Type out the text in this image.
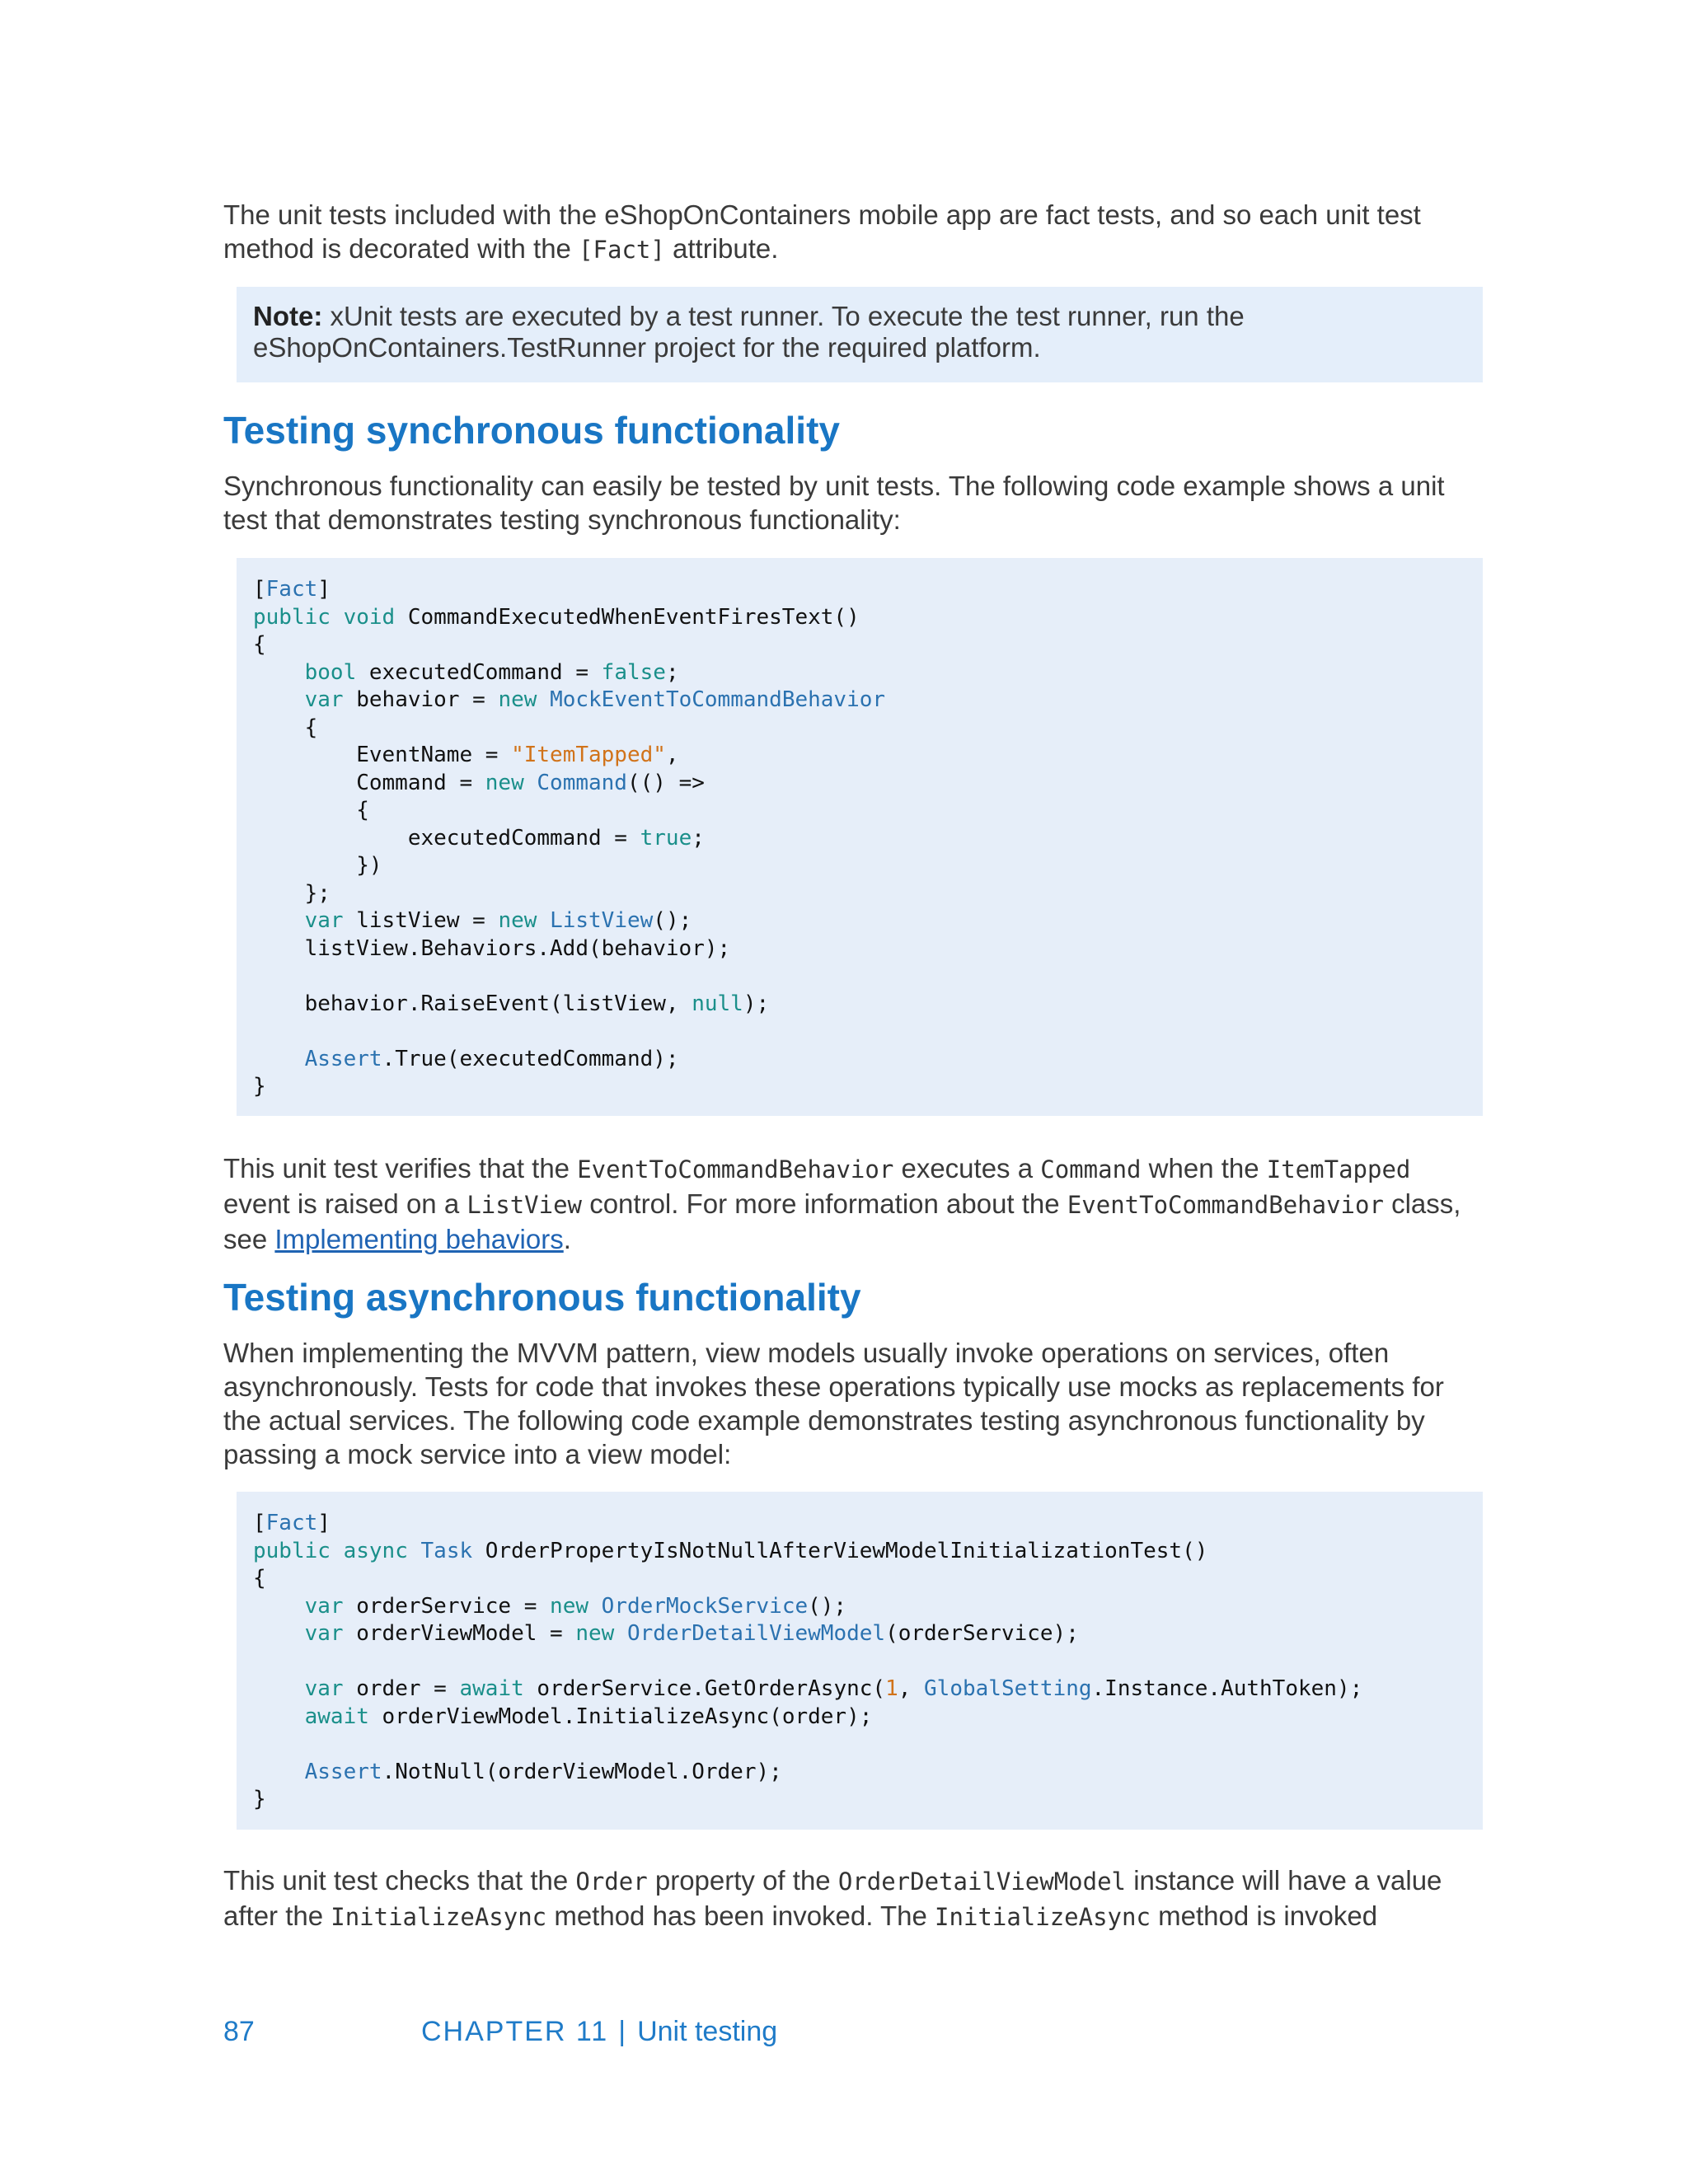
The unit tests included with the eShopOnContainers mobile app are fact tests, and so each unit test method is decorated with the [Fact] attribute.

Note: xUnit tests are executed by a test runner. To execute the test runner, run the eShopOnContainers.TestRunner project for the required platform.
Testing synchronous functionality

Synchronous functionality can easily be tested by unit tests. The following code example shows a unit test that demonstrates testing synchronous functionality:

[Fact]
public void CommandExecutedWhenEventFiresText()
{
bool executedCommand = false;
var behavior = new MockEventToCommandBehavior
{
EventName = "ItemTapped",
Command = new Command(() =>
{
executedCommand = true;
})
};
var listView = new ListView();
listView.Behaviors.Add(behavior);

behavior.RaiseEvent(listView, null);

Assert.True(executedCommand);
}

This unit test verifies that the EventToCommandBehavior executes a Command when the ItemTapped event is raised on a ListView control. For more information about the EventToCommandBehavior class, see Implementing behaviors.

Testing asynchronous functionality

When implementing the MVVM pattern, view models usually invoke operations on services, often asynchronously. Tests for code that invokes these operations typically use mocks as replacements for the actual services. The following code example demonstrates testing asynchronous functionality by passing a mock service into a view model:

[Fact]
public async Task OrderPropertyIsNotNullAfterViewModelInitializationTest()
{
var orderService = new OrderMockService();
var orderViewModel = new OrderDetailViewModel(orderService);

var order = await orderService.GetOrderAsync(1, GlobalSetting.Instance.AuthToken);
await orderViewModel.InitializeAsync(order);

Assert.NotNull(orderViewModel.Order);
}

This unit test checks that the Order property of the OrderDetailViewModel instance will have a value after the InitializeAsync method has been invoked. The InitializeAsync method is invoked

87	CHAPTER 11 | Unit testing
